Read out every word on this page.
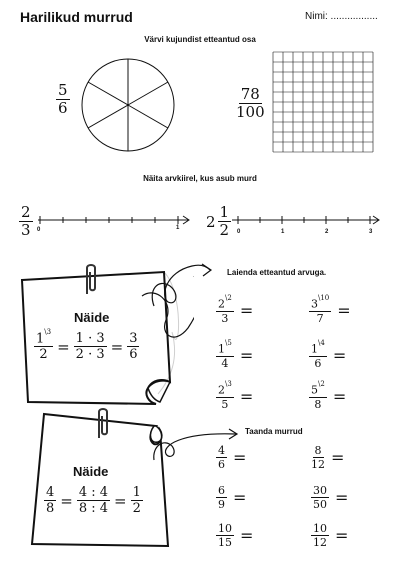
Harilikud murrud	Nimi: .................
Värvi kujundist etteantud osa
$\frac{5}{6}$	$\frac{78}{100}$
Näita arvkiirel, kus asub murd
$\frac{2}{3} 0$	1 $2 \frac{1}{2} 0$	1	2	3
Näide
$\frac{1^{\backslash 3}}{2} = \frac{1 \cdot 3}{2 \cdot 3} = \frac{3}{6}$
Laienda etteantud arvuga.
$\frac{2^{\backslash 2}}{3}$ =	$\frac{3^{\backslash 10}}{7}$ =
$\frac{1^{\backslash 5}}{4}$ =	$\frac{1^{\backslash 4}}{6}$ =
$\frac{2^{\backslash 3}}{5}$ =	$\frac{5^{\backslash 2}}{8}$ =
Näide
$\frac{4}{8} = \frac{4 : 4}{8 : 4} = \frac{1}{2}$
Taanda murrud
$\frac{4}{6}$ =	$\frac{8}{12}$ =
$\frac{6}{9}$ =	$\frac{30}{50}$ =
$\frac{10}{15}$ =	$\frac{10}{12}$ =
